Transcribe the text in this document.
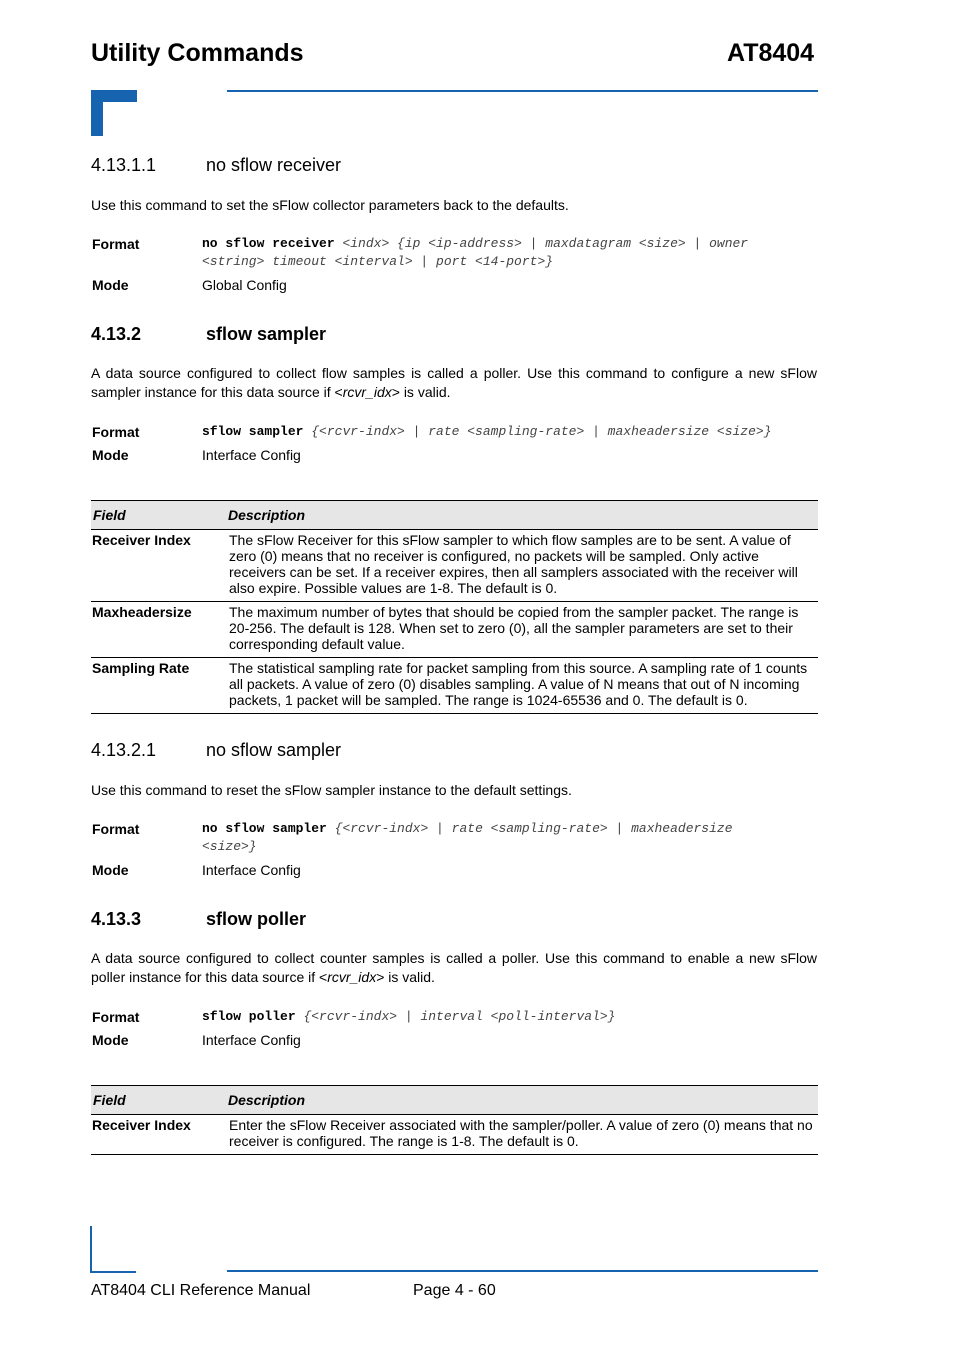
Utility Commands	AT8404
4.13.1.1	no sflow receiver
Use this command to set the sFlow collector parameters back to the defaults.
Format	no sflow receiver <indx> {ip <ip-address> | maxdatagram <size> | owner
<string> timeout <interval> | port <14-port>}
Mode	Global Config
4.13.2	sflow sampler
A data source configured to collect flow samples is called a poller. Use this command to configure a new sFlow sampler instance for this data source if <rcvr_idx> is valid.
Format	sflow sampler {<rcvr-indx> | rate <sampling-rate> | maxheadersize <size>}
Mode	Interface Config
Field	Description
Receiver Index	The sFlow Receiver for this sFlow sampler to which flow samples are to be sent. A value of zero (0) means that no receiver is configured, no packets will be sampled. Only active receivers can be set. If a receiver expires, then all samplers associated with the receiver will also expire. Possible values are 1-8. The default is 0.
Maxheadersize	The maximum number of bytes that should be copied from the sampler packet. The range is 20-256. The default is 128. When set to zero (0), all the sampler parameters are set to their corresponding default value.
Sampling Rate	The statistical sampling rate for packet sampling from this source. A sampling rate of 1 counts all packets. A value of zero (0) disables sampling. A value of N means that out of N incoming packets, 1 packet will be sampled. The range is 1024-65536 and 0. The default is 0.
4.13.2.1	no sflow sampler
Use this command to reset the sFlow sampler instance to the default settings.
Format	no sflow sampler {<rcvr-indx> | rate <sampling-rate> | maxheadersize
<size>}
Mode	Interface Config
4.13.3	sflow poller
A data source configured to collect counter samples is called a poller. Use this command to enable a new sFlow poller instance for this data source if <rcvr_idx> is valid.
Format	sflow poller {<rcvr-indx> | interval <poll-interval>}
Mode	Interface Config
Field	Description
Receiver Index	Enter the sFlow Receiver associated with the sampler/poller. A value of zero (0) means that no receiver is configured. The range is 1-8. The default is 0.
AT8404 CLI Reference Manual	Page 4 - 60
